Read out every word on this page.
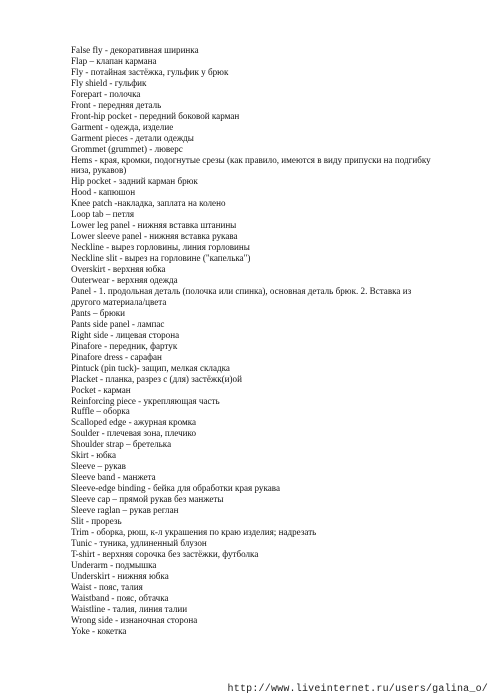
False fly - декоративная ширинка
Flap – клапан кармана
Fly - потайная застёжка, гульфик у брюк
Fly shield - гульфик
Forepart - полочка
Front - передняя деталь
Front-hip pocket - передний боковой карман
Garment - одежда, изделие
Garment pieces - детали одежды
Grommet (grummet) - люверс
Hems - края, кромки, подогнутые срезы (как правило, имеются в виду припуски на подгибку низа, рукавов)
Hip pocket - задний карман брюк
Hood - капюшон
Knee patch -накладка, заплата на колено
Loop tab – петля
Lower leg panel - нижняя вставка штанины
Lower sleeve panel - нижняя вставка рукава
Neckline - вырез горловины, линия горловины
Neckline slit - вырез на горловине ("капелька")
Overskirt - верхняя юбка
Outerwear - верхняя одежда
Panel - 1. продольная деталь (полочка или спинка), основная деталь брюк. 2. Вставка из другого материала/цвета
Pants – брюки
Pants side panel - лампас
Right side - лицевая сторона
Pinafore - передник, фартук
Pinafore dress - сарафан
Pintuck (pin tuck)- защип, мелкая складка
Placket - планка, разрез с (для) застёжк(и)ой
Pocket - карман
Reinforcing piece - укрепляющая часть
Ruffle – оборка
Scalloped edge - ажурная кромка
Soulder - плечевая зона, плечико
Shoulder strap – бретелька
Skirt - юбка
Sleeve – рукав
Sleeve band - манжета
Sleeve-edge binding - бейка для обработки края рукава
Sleeve cap – прямой рукав без манжеты
Sleeve raglan – рукав реглан
Slit - прорезь
Trim - оборка, рюш, к-л украшения по краю изделия; надрезать
Tunic - туника, удлиненный блузон
T-shirt - верхняя сорочка без застёжки, футболка
Underarm - подмышка
Underskirt - нижняя юбка
Waist - пояс, талия
Waistband - пояс, обтачка
Waistline - талия, линия талии
Wrong side - изнаночная сторона
Yoke - кокетка
http://www.liveinternet.ru/users/galina_o/
